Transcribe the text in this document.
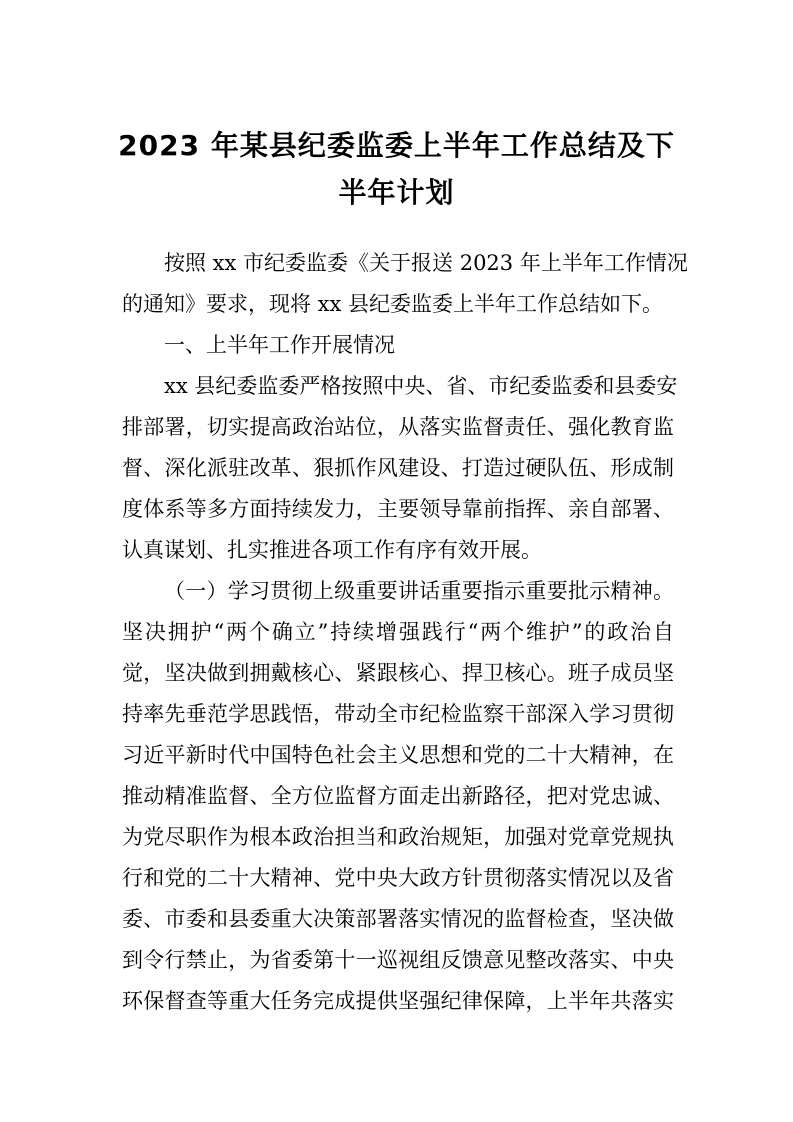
2023 年某县纪委监委上半年工作总结及下
半年计划
按照 xx 市纪委监委《关于报送 2023 年上半年工作情况
的通知》要求，现将 xx 县纪委监委上半年工作总结如下。
一、上半年工作开展情况
xx 县纪委监委严格按照中央、省、市纪委监委和县委安
排部署，切实提高政治站位，从落实监督责任、强化教育监
督、深化派驻改革、狠抓作风建设、打造过硬队伍、形成制
度体系等多方面持续发力，主要领导靠前指挥、亲自部署、
认真谋划、扎实推进各项工作有序有效开展。
（一）学习贯彻上级重要讲话重要指示重要批示精神。
坚决拥护“两个确立”持续增强践行“两个维护”的政治自
觉，坚决做到拥戴核心、紧跟核心、捍卫核心。班子成员坚
持率先垂范学思践悟，带动全市纪检监察干部深入学习贯彻
习近平新时代中国特色社会主义思想和党的二十大精神，在
推动精准监督、全方位监督方面走出新路径，把对党忠诚、
为党尽职作为根本政治担当和政治规矩，加强对党章党规执
行和党的二十大精神、党中央大政方针贯彻落实情况以及省
委、市委和县委重大决策部署落实情况的监督检查，坚决做
到令行禁止，为省委第十一巡视组反馈意见整改落实、中央
环保督查等重大任务完成提供坚强纪律保障，上半年共落实
